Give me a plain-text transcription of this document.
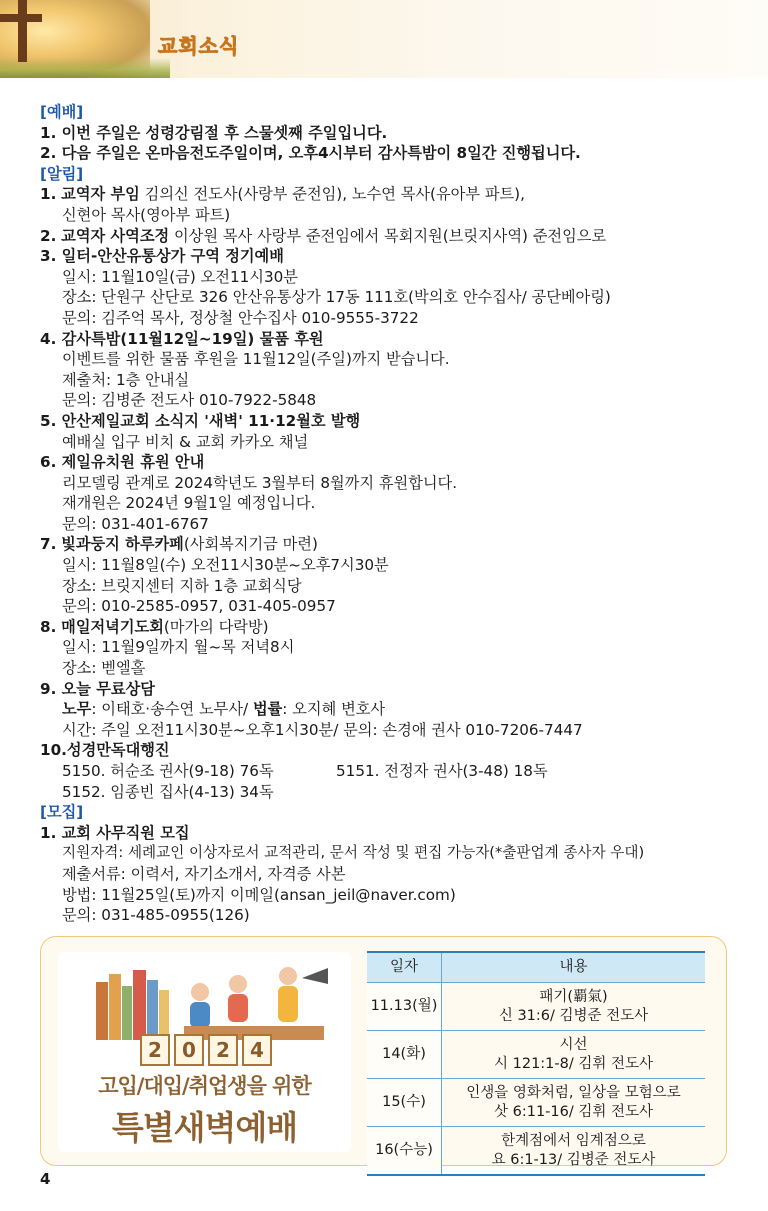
교회소식
[예배]
1. 이번 주일은 성령강림절 후 스물셋째 주일입니다.
2. 다음 주일은 온마음전도주일이며, 오후4시부터 감사특밤이 8일간 진행됩니다.
[알림]
1. 교역자 부임 김의신 전도사(사랑부 준전임), 노수연 목사(유아부 파트),
신현아 목사(영아부 파트)
2. 교역자 사역조정 이상원 목사 사랑부 준전임에서 목회지원(브릿지사역) 준전임으로
3. 일터-안산유통상가 구역 정기예배
일시: 11월10일(금) 오전11시30분
장소: 단원구 산단로 326 안산유통상가 17동 111호(박의호 안수집사/ 공단베아링)
문의: 김주억 목사, 정상철 안수집사 010-9555-3722
4. 감사특밤(11월12일~19일) 물품 후원
이벤트를 위한 물품 후원을 11월12일(주일)까지 받습니다.
제출처: 1층 안내실
문의: 김병준 전도사 010-7922-5848
5. 안산제일교회 소식지 '새벽' 11·12월호 발행
예배실 입구 비치 & 교회 카카오 채널
6. 제일유치원 휴원 안내
리모델링 관계로 2024학년도 3월부터 8월까지 휴원합니다.
재개원은 2024년 9월1일 예정입니다.
문의: 031-401-6767
7. 빛과둥지 하루카페(사회복지기금 마련)
일시: 11월8일(수) 오전11시30분~오후7시30분
장소: 브릿지센터 지하 1층 교회식당
문의: 010-2585-0957, 031-405-0957
8. 매일저녁기도회(마가의 다락방)
일시: 11월9일까지 월~목 저녁8시
장소: 벧엘홀
9. 오늘 무료상담
노무: 이태호·송수연 노무사/ 법률: 오지혜 변호사
시간: 주일 오전11시30분~오후1시30분/ 문의: 손경애 권사 010-7206-7447
10.성경만독대행진
5150. 허순조 권사(9-18) 76독	5151. 전정자 권사(3-48) 18독
5152. 임종빈 집사(4-13) 34독
[모집]
1. 교회 사무직원 모집
지원자격: 세례교인 이상자로서 교적관리, 문서 작성 및 편집 가능자(*출판업계 종사자 우대)
제출서류: 이력서, 자기소개서, 자격증 사본
방법: 11월25일(토)까지 이메일(ansan_jeil@naver.com)
문의: 031-485-0955(126)
2	0	2	4
고입/대입/취업생을 위한
특별새벽예배
일자	내용
11.13(월)	패기(覇氣)
신 31:6/ 김병준 전도사

14(화)	시선
시 121:1-8/ 김휘 전도사

15(수)	인생을 영화처럼, 일상을 모험으로
삿 6:11-16/ 김휘 전도사

16(수능)	한계점에서 임계점으로
요 6:1-13/ 김병준 전도사
4
